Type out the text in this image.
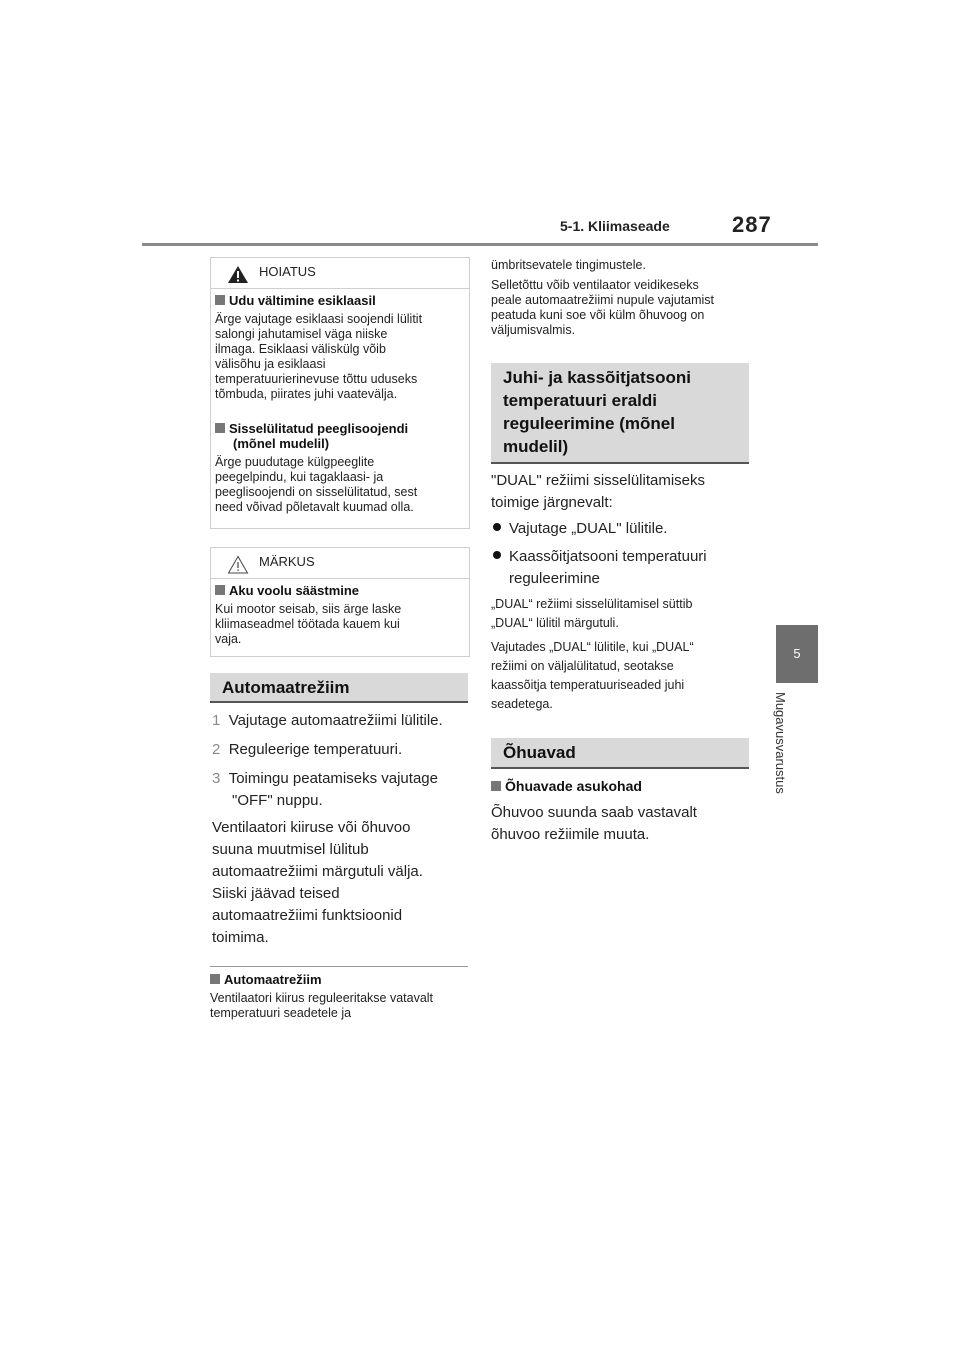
5-1. Kliimaseade	287
5
Mugavusvarustus
HOIATUS
Udu vältimine esiklaasil
Ärge vajutage esiklaasi soojendi lülitit
salongi jahutamisel väga niiske
ilmaga. Esiklaasi väliskülg võib
välisõhu ja esiklaasi
temperatuurierinevuse tõttu uduseks
tõmbuda, piirates juhi vaatevälja.
Sisselülitatud peeglisoojendi
(mõnel mudelil)
Ärge puudutage külgpeeglite
peegelpindu, kui tagaklaasi- ja
peeglisoojendi on sisselülitatud, sest
need võivad põletavalt kuumad olla.
MÄRKUS
Aku voolu säästmine
Kui mootor seisab, siis ärge laske
kliimaseadmel töötada kauem kui
vaja.
Automaatrežiim
1 Vajutage automaatrežiimi lülitile.
2 Reguleerige temperatuuri.
3 Toimingu peatamiseks vajutage
"OFF" nuppu.
Ventilaatori kiiruse või õhuvoo
suuna muutmisel lülitub
automaatrežiimi märgutuli välja.
Siiski jäävad teised
automaatrežiimi funktsioonid
toimima.
Automaatrežiim
Ventilaatori kiirus reguleeritakse vatavalt
temperatuuri seadetele ja
ümbritsevatele tingimustele.
Selletõttu võib ventilaator veidikeseks
peale automaatrežiimi nupule vajutamist
peatuda kuni soe või külm õhuvoog on
väljumisvalmis.
Juhi- ja kassõitjatsooni
temperatuuri eraldi
reguleerimine (mõnel
mudelil)
"DUAL" režiimi sisselülitamiseks
toimige järgnevalt:
Vajutage „DUAL" lülitile.
Kaassõitjatsooni temperatuuri
reguleerimine
„DUAL“ režiimi sisselülitamisel süttib
„DUAL“ lülitil märgutuli.
Vajutades „DUAL“ lülitile, kui „DUAL“
režiimi on väljalülitatud, seotakse
kaassõitja temperatuuriseaded juhi
seadetega.
Õhuavad
Õhuavade asukohad
Õhuvoo suunda saab vastavalt
õhuvoo režiimile muuta.
